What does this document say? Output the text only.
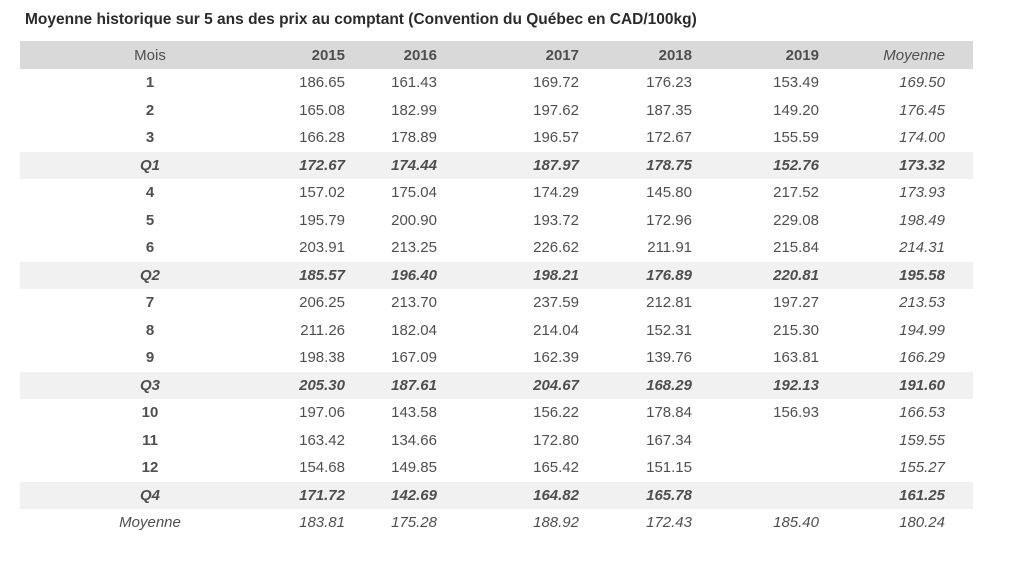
Moyenne historique sur 5 ans des prix au comptant (Convention du Québec en CAD/100kg)
Mois	2015	2016	2017	2018	2019	Moyenne
1	186.65	161.43	169.72	176.23	153.49	169.50
2	165.08	182.99	197.62	187.35	149.20	176.45
3	166.28	178.89	196.57	172.67	155.59	174.00
Q1	172.67	174.44	187.97	178.75	152.76	173.32
4	157.02	175.04	174.29	145.80	217.52	173.93
5	195.79	200.90	193.72	172.96	229.08	198.49
6	203.91	213.25	226.62	211.91	215.84	214.31
Q2	185.57	196.40	198.21	176.89	220.81	195.58
7	206.25	213.70	237.59	212.81	197.27	213.53
8	211.26	182.04	214.04	152.31	215.30	194.99
9	198.38	167.09	162.39	139.76	163.81	166.29
Q3	205.30	187.61	204.67	168.29	192.13	191.60
10	197.06	143.58	156.22	178.84	156.93	166.53
11	163.42	134.66	172.80	167.34		159.55
12	154.68	149.85	165.42	151.15		155.27
Q4	171.72	142.69	164.82	165.78		161.25
Moyenne	183.81	175.28	188.92	172.43	185.40	180.24
